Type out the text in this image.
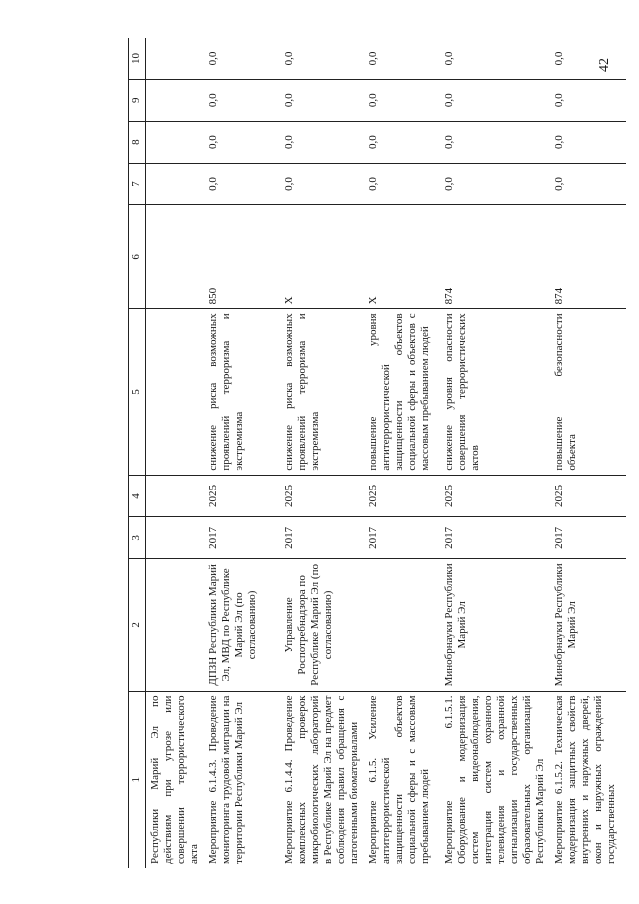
42
1	2	3	4	5	6	7	8	9	10
Республики Марий Эл по действиям при угрозе или совершении террористического акта									
Мероприятие 6.1.4.3. Проведение мониторинга трудовой миграции на территории Республики Марий Эл	ДПЗН Республики Марий Эл, МВД по Республике Марий Эл (по согласованию)	2017	2025	снижение риска возможных проявлений терроризма и экстремизма	850	0,0	0,0	0,0	0,0
Мероприятие 6.1.4.4. Проведение комплексных проверок микробиологических лабораторий в Республике Марий Эл на предмет соблюдения правил обращения с патогенными биоматериалами	Управление Роспотребнадзора по Республике Марий Эл (по согласованию)	2017	2025	снижение риска возможных проявлений терроризма и экстремизма	X	0,0	0,0	0,0	0,0
Мероприятие 6.1.5. Усиление антитеррористической защищенности объектов социальной сферы и с массовым пребыванием людей		2017	2025	повышение уровня антитеррористической защищенности объектов социальной сферы и объектов с массовым пребыванием людей	X	0,0	0,0	0,0	0,0
Мероприятие 6.1.5.1. Оборудование и модернизация систем видеонаблюдения, интеграция систем охранного телевидения и охранной сигнализации государственных образовательных организаций Республики Марий Эл	Минобрнауки Республики Марий Эл	2017	2025	снижение уровня опасности совершения террористических актов	874	0,0	0,0	0,0	0,0
Мероприятие 6.1.5.2. Техническая модернизация защитных свойств внутренних и наружных дверей, окон и наружных ограждений государственных	Минобрнауки Республики Марий Эл	2017	2025	повышение безопасности объекта	874	0,0	0,0	0,0	0,0
